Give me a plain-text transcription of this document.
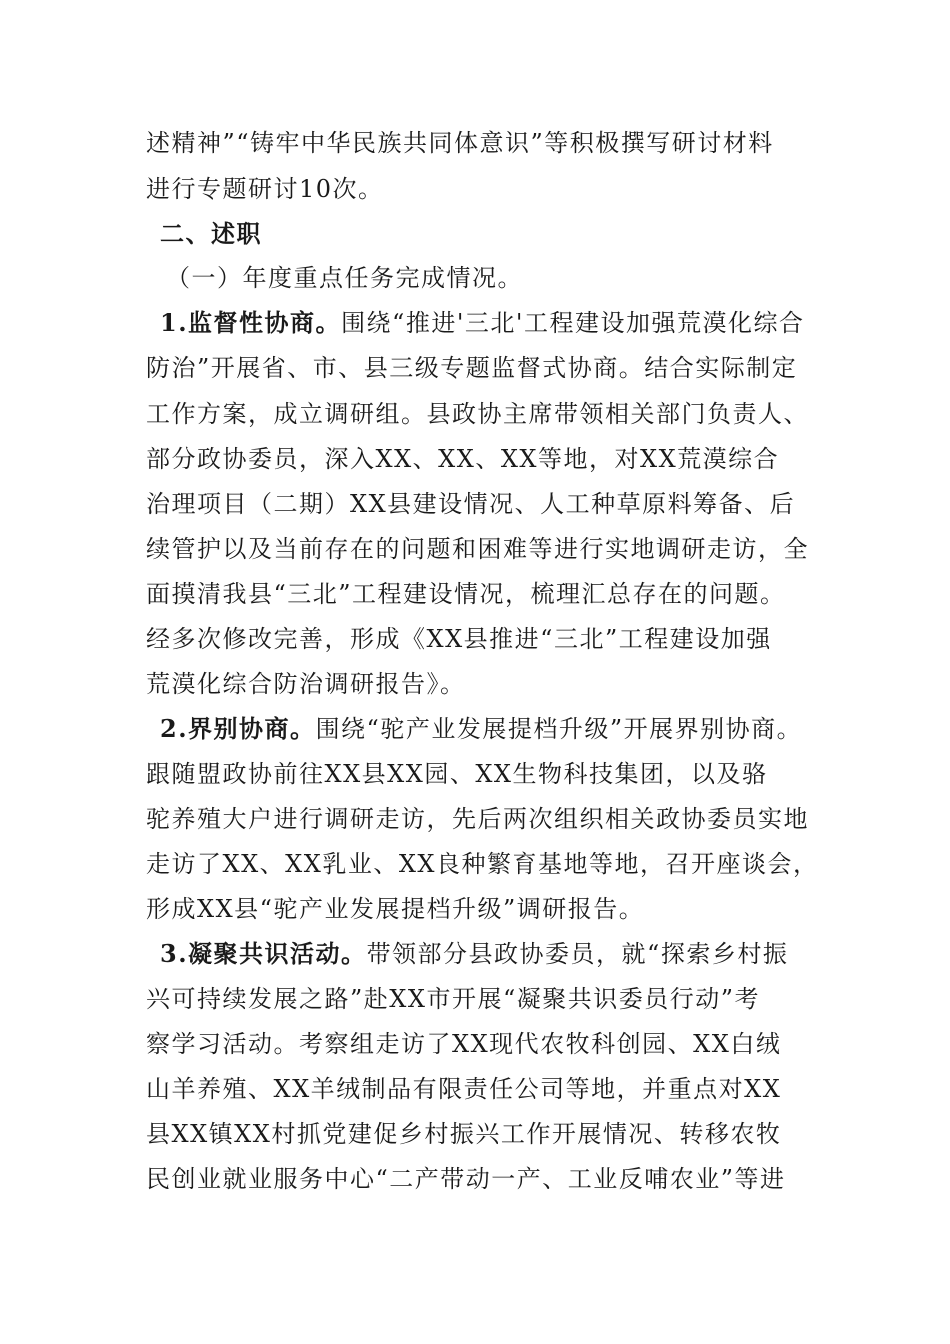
述精神”“铸牢中华民族共同体意识”等积极撰写研讨材料
进行专题研讨10次。
二、述职
（一）年度重点任务完成情况。
1.监督性协商。围绕“推进'三北'工程建设加强荒漠化综合
防治”开展省、市、县三级专题监督式协商。结合实际制定
工作方案，成立调研组。县政协主席带领相关部门负责人、
部分政协委员，深入XX、XX、XX等地，对XX荒漠综合
治理项目（二期）XX县建设情况、人工种草原料筹备、后
续管护以及当前存在的问题和困难等进行实地调研走访，全
面摸清我县“三北”工程建设情况，梳理汇总存在的问题。
经多次修改完善，形成《XX县推进“三北”工程建设加强
荒漠化综合防治调研报告》。
2.界别协商。围绕“驼产业发展提档升级”开展界别协商。
跟随盟政协前往XX县XX园、XX生物科技集团，以及骆
驼养殖大户进行调研走访，先后两次组织相关政协委员实地
走访了XX、XX乳业、XX良种繁育基地等地，召开座谈会，
形成XX县“驼产业发展提档升级”调研报告。
3.凝聚共识活动。带领部分县政协委员，就“探索乡村振
兴可持续发展之路”赴XX市开展“凝聚共识委员行动”考
察学习活动。考察组走访了XX现代农牧科创园、XX白绒
山羊养殖、XX羊绒制品有限责任公司等地，并重点对XX
县XX镇XX村抓党建促乡村振兴工作开展情况、转移农牧
民创业就业服务中心“二产带动一产、工业反哺农业”等进
